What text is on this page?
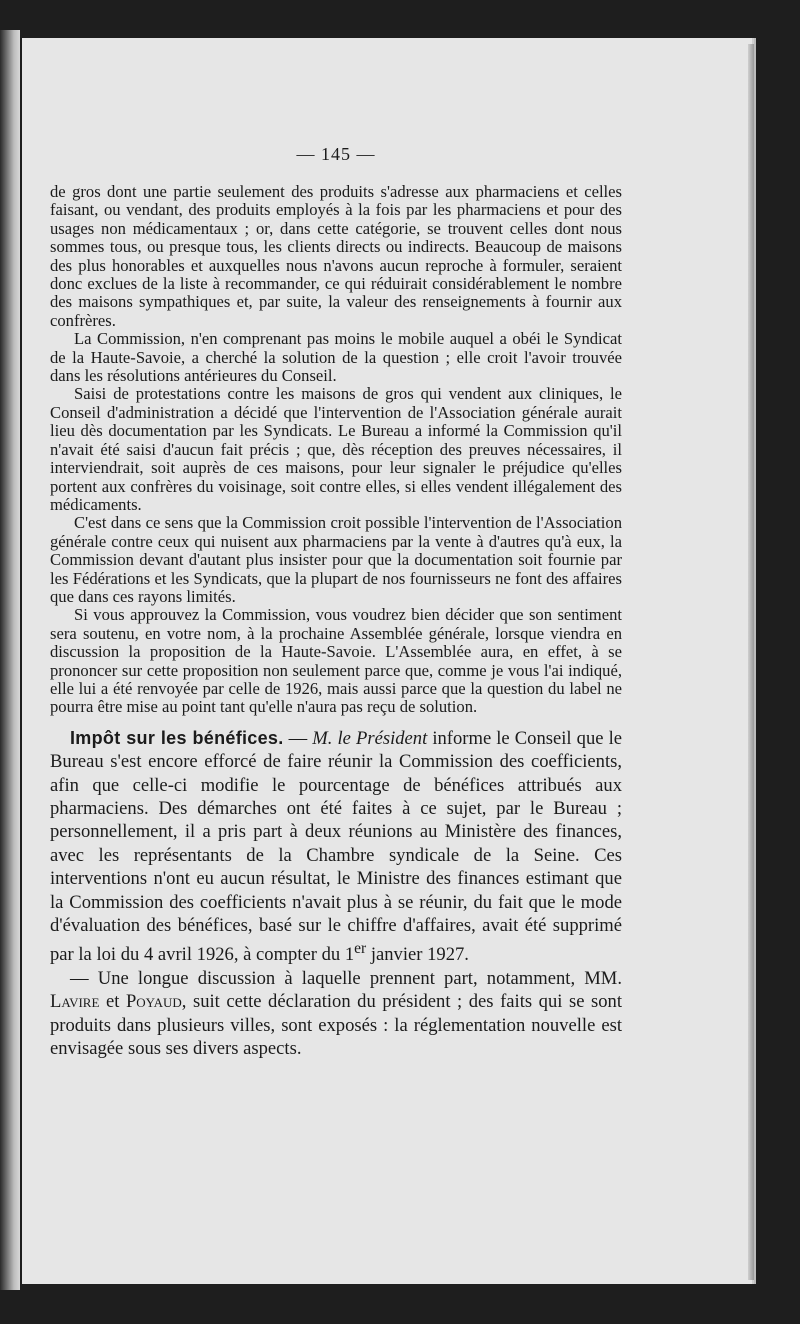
— 145 —

de gros dont une partie seulement des produits s'adresse aux pharmaciens et celles faisant, ou vendant, des produits employés à la fois par les pharmaciens et pour des usages non médicamentaux ; or, dans cette catégorie, se trouvent celles dont nous sommes tous, ou presque tous, les clients directs ou indirects. Beaucoup de maisons des plus honorables et auxquelles nous n'avons aucun reproche à formuler, seraient donc exclues de la liste à recommander, ce qui réduirait considérablement le nombre des maisons sympathiques et, par suite, la valeur des renseignements à fournir aux confrères.

La Commission, n'en comprenant pas moins le mobile auquel a obéi le Syndicat de la Haute-Savoie, a cherché la solution de la question ; elle croit l'avoir trouvée dans les résolutions antérieures du Conseil.

Saisi de protestations contre les maisons de gros qui vendent aux cliniques, le Conseil d'administration a décidé que l'intervention de l'Association générale aurait lieu dès documentation par les Syndicats. Le Bureau a informé la Commission qu'il n'avait été saisi d'aucun fait précis ; que, dès réception des preuves nécessaires, il interviendrait, soit auprès de ces maisons, pour leur signaler le préjudice qu'elles portent aux confrères du voisinage, soit contre elles, si elles vendent illégalement des médicaments.

C'est dans ce sens que la Commission croit possible l'intervention de l'Association générale contre ceux qui nuisent aux pharmaciens par la vente à d'autres qu'à eux, la Commission devant d'autant plus insister pour que la documentation soit fournie par les Fédérations et les Syndicats, que la plupart de nos fournisseurs ne font des affaires que dans ces rayons limités.

Si vous approuvez la Commission, vous voudrez bien décider que son sentiment sera soutenu, en votre nom, à la prochaine Assemblée générale, lorsque viendra en discussion la proposition de la Haute-Savoie. L'Assemblée aura, en effet, à se prononcer sur cette proposition non seulement parce que, comme je vous l'ai indiqué, elle lui a été renvoyée par celle de 1926, mais aussi parce que la question du label ne pourra être mise au point tant qu'elle n'aura pas reçu de solution.

Impôt sur les bénéfices. — M. le Président informe le Conseil que le Bureau s'est encore efforcé de faire réunir la Commission des coefficients, afin que celle-ci modifie le pourcentage de bénéfices attribués aux pharmaciens. Des démarches ont été faites à ce sujet, par le Bureau ; personnellement, il a pris part à deux réunions au Ministère des finances, avec les représentants de la Chambre syndicale de la Seine. Ces interventions n'ont eu aucun résultat, le Ministre des finances estimant que la Commission des coefficients n'avait plus à se réunir, du fait que le mode d'évaluation des bénéfices, basé sur le chiffre d'affaires, avait été supprimé par la loi du 4 avril 1926, à compter du 1er janvier 1927.

— Une longue discussion à laquelle prennent part, notamment, MM. Lavire et Poyaud, suit cette déclaration du président ; des faits qui se sont produits dans plusieurs villes, sont exposés : la réglementation nouvelle est envisagée sous ses divers aspects.
